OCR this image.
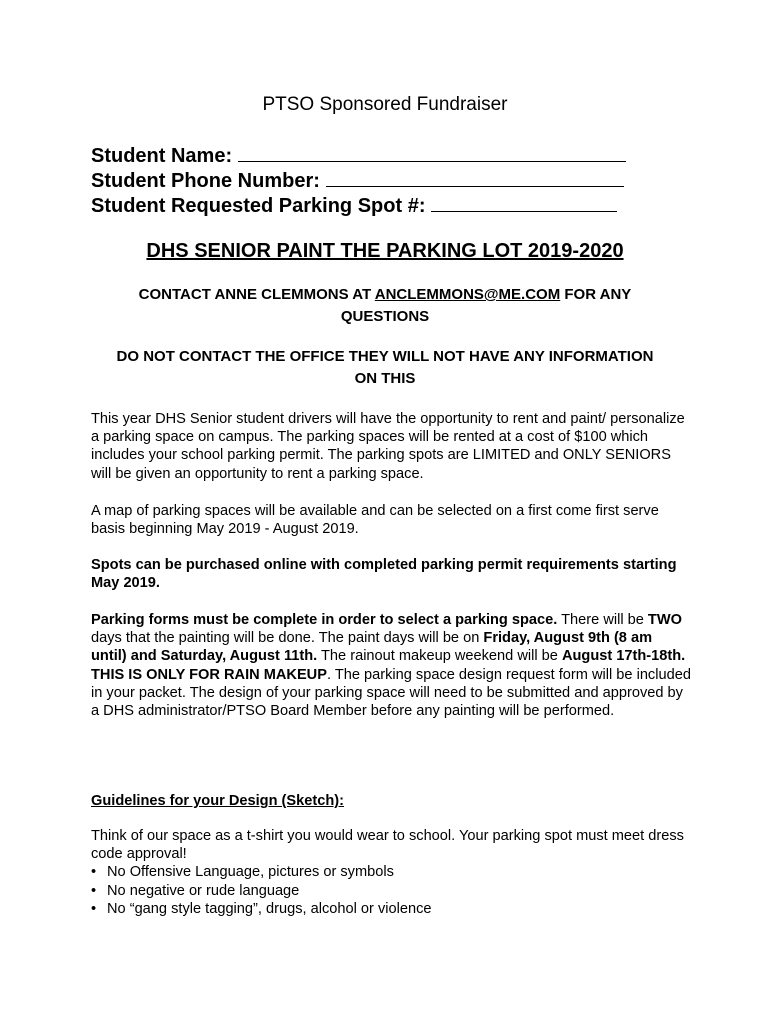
PTSO Sponsored Fundraiser
Student Name:
Student Phone Number:
Student Requested Parking Spot #:
DHS SENIOR PAINT THE PARKING LOT 2019-2020
CONTACT ANNE CLEMMONS AT ANCLEMMONS@ME.COM FOR ANY
QUESTIONS
DO NOT CONTACT THE OFFICE THEY WILL NOT HAVE ANY INFORMATION
ON THIS
This year DHS Senior student drivers will have the opportunity to rent and paint/ personalize a parking space on campus. The parking spaces will be rented at a cost of $100 which includes your school parking permit. The parking spots are LIMITED and ONLY SENIORS will be given an opportunity to rent a parking space.
A map of parking spaces will be available and can be selected on a first come first serve basis beginning May 2019 - August 2019.
Spots can be purchased online with completed parking permit requirements starting May 2019.
Parking forms must be complete in order to select a parking space. There will be TWO days that the painting will be done. The paint days will be on Friday, August 9th (8 am until) and Saturday, August 11th. The rainout makeup weekend will be August 17th-18th. THIS IS ONLY FOR RAIN MAKEUP. The parking space design request form will be included in your packet. The design of your parking space will need to be submitted and approved by a DHS administrator/PTSO Board Member before any painting will be performed.
Guidelines for your Design (Sketch):
Think of our space as a t-shirt you would wear to school. Your parking spot must meet dress code approval!
• No Offensive Language, pictures or symbols
• No negative or rude language
• No “gang style tagging”, drugs, alcohol or violence
